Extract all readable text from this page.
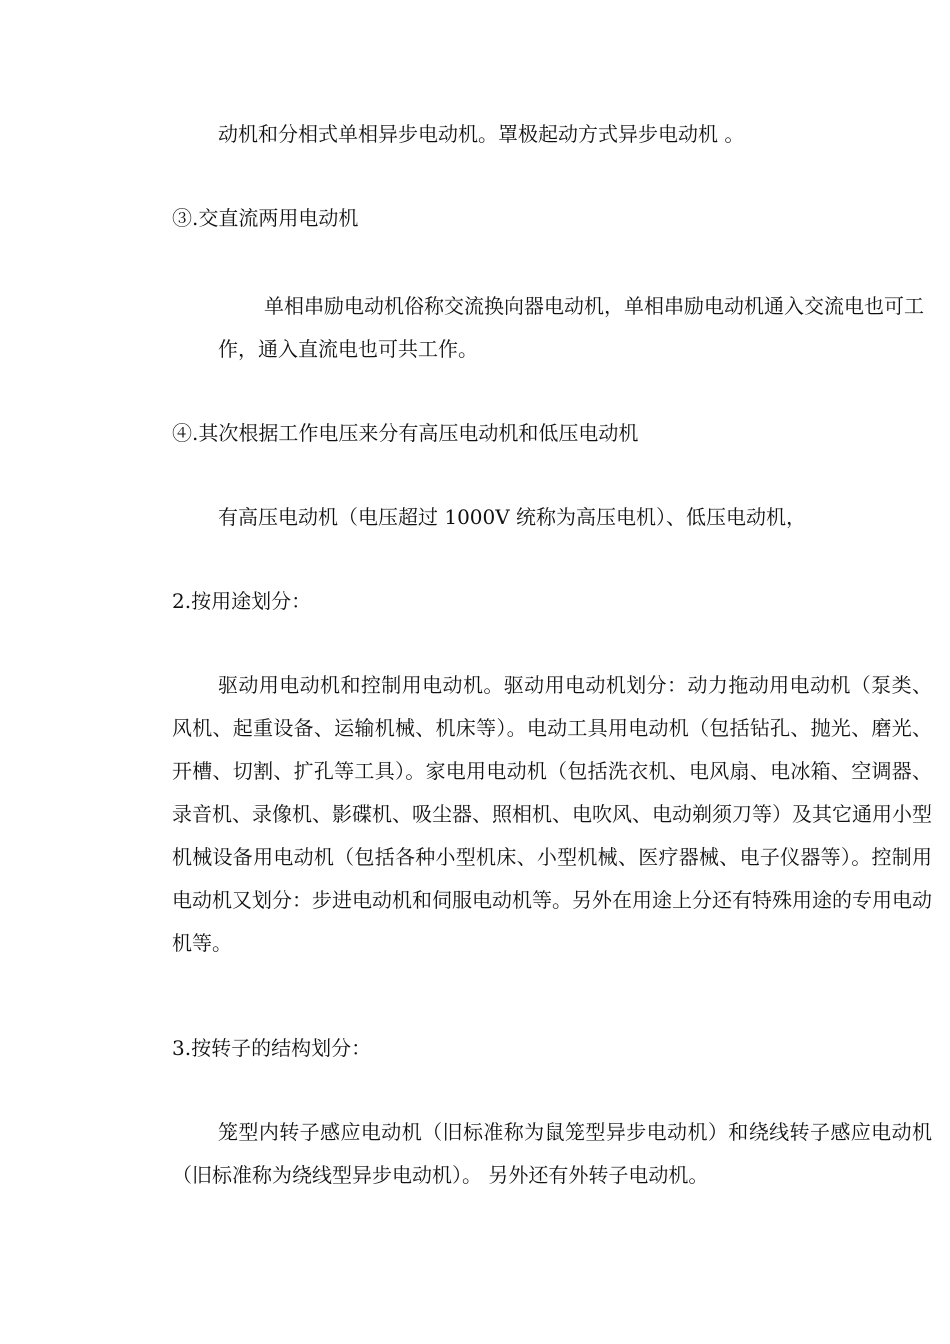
动机和分相式单相异步电动机。罩极起动方式异步电动机 。
③.交直流两用电动机

单相串励电动机俗称交流换向器电动机，单相串励电动机通入交流电也可工作，通入直流电也可共工作。

④.其次根据工作电压来分有高压电动机和低压电动机
有高压电动机（电压超过 1000V 统称为高压电机）、低压电动机，
2.按用途划分：

驱动用电动机和控制用电动机。驱动用电动机划分：动力拖动用电动机（泵类、风机、起重设备、运输机械、机床等）。电动工具用电动机（包括钻孔、抛光、磨光、开槽、切割、扩孔等工具）。家电用电动机（包括洗衣机、电风扇、电冰箱、空调器、录音机、录像机、影碟机、吸尘器、照相机、电吹风、电动剃须刀等）及其它通用小型机械设备用电动机（包括各种小型机床、小型机械、医疗器械、电子仪器等）。控制用电动机又划分：步进电动机和伺服电动机等。另外在用途上分还有特殊用途的专用电动机等。

3.按转子的结构划分：

笼型内转子感应电动机（旧标准称为鼠笼型异步电动机）和绕线转子感应电动机（旧标准称为绕线型异步电动机）。 另外还有外转子电动机。
